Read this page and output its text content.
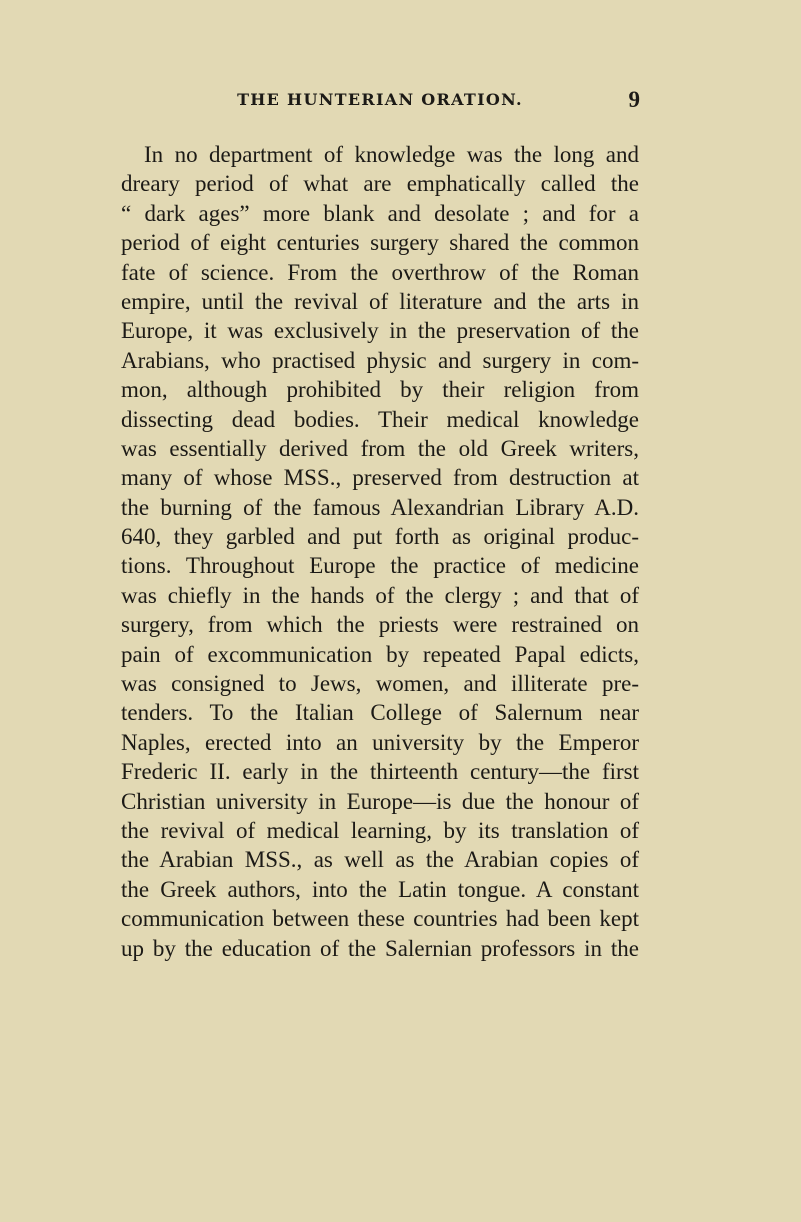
THE HUNTERIAN ORATION.	9
In no department of knowledge was the long and
dreary period of what are emphatically called the
“ dark ages” more blank and desolate ; and for a
period of eight centuries surgery shared the common
fate of science. From the overthrow of the Roman
empire, until the revival of literature and the arts in
Europe, it was exclusively in the preservation of the
Arabians, who practised physic and surgery in com-
mon, although prohibited by their religion from
dissecting dead bodies. Their medical knowledge
was essentially derived from the old Greek writers,
many of whose MSS., preserved from destruction at
the burning of the famous Alexandrian Library A.D.
640, they garbled and put forth as original produc-
tions. Throughout Europe the practice of medicine
was chiefly in the hands of the clergy ; and that of
surgery, from which the priests were restrained on
pain of excommunication by repeated Papal edicts,
was consigned to Jews, women, and illiterate pre-
tenders. To the Italian College of Salernum near
Naples, erected into an university by the Emperor
Frederic II. early in the thirteenth century—the first
Christian university in Europe—is due the honour of
the revival of medical learning, by its translation of
the Arabian MSS., as well as the Arabian copies of
the Greek authors, into the Latin tongue. A constant
communication between these countries had been kept
up by the education of the Salernian professors in the
